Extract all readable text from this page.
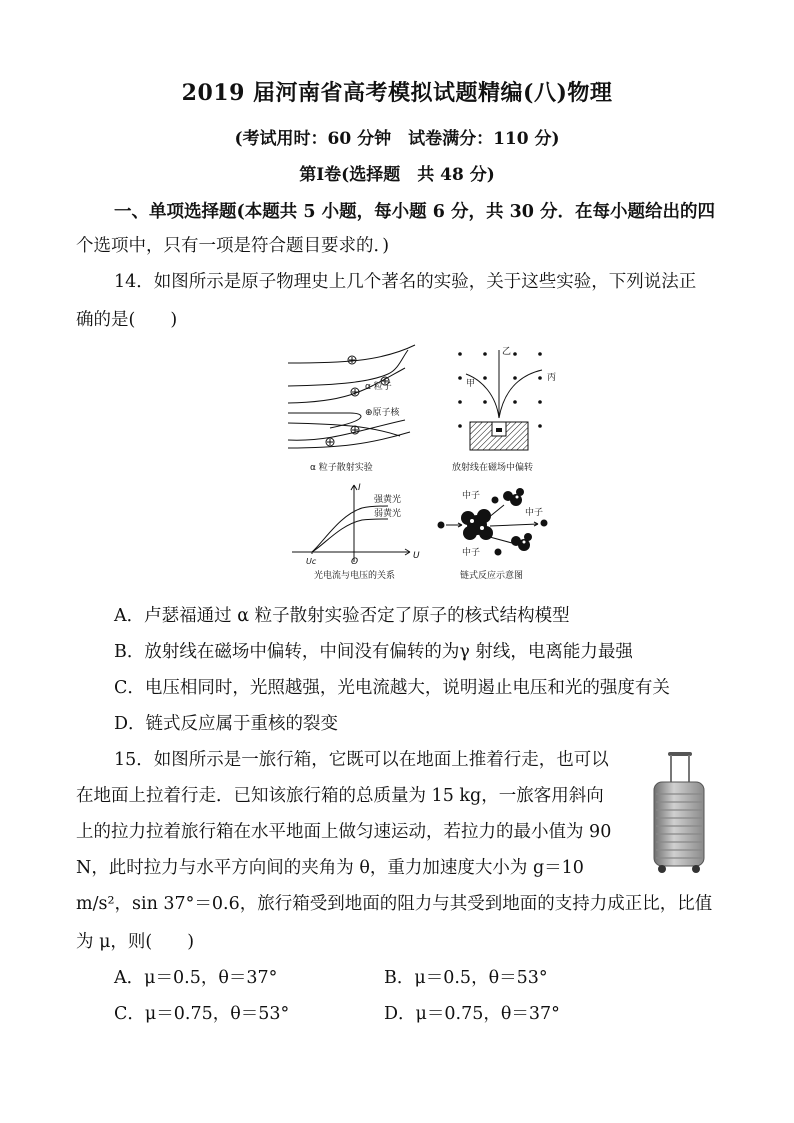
2019 届河南省高考模拟试题精编(八)物理
(考试用时：60 分钟　试卷满分：110 分)
第Ⅰ卷(选择题　共 48 分)
一、单项选择题(本题共 5 小题，每小题 6 分，共 30 分．在每小题给出的四
个选项中，只有一项是符合题目要求的．)
14．如图所示是原子物理史上几个著名的实验，关于这些实验，下列说法正
确的是(　　)
α 粒子
⊕原子核
α 粒子散射实验
乙
甲
丙
放射线在磁场中偏转
I
U
O
Uc
强黄光
弱黄光
光电流与电压的关系
中子
中子
中子
链式反应示意图
A．卢瑟福通过 α 粒子散射实验否定了原子的核式结构模型
B．放射线在磁场中偏转，中间没有偏转的为γ 射线，电离能力最强
C．电压相同时，光照越强，光电流越大，说明遏止电压和光的强度有关
D．链式反应属于重核的裂变
15．如图所示是一旅行箱，它既可以在地面上推着行走，也可以
在地面上拉着行走．已知该旅行箱的总质量为 15 kg，一旅客用斜向
上的拉力拉着旅行箱在水平地面上做匀速运动，若拉力的最小值为 90
N，此时拉力与水平方向间的夹角为 θ，重力加速度大小为 g＝10
m/s²，sin 37°＝0.6，旅行箱受到地面的阻力与其受到地面的支持力成正比，比值
为 μ，则(　　)
A．μ＝0.5，θ＝37°	B．μ＝0.5，θ＝53°
C．μ＝0.75，θ＝53°	D．μ＝0.75，θ＝37°
